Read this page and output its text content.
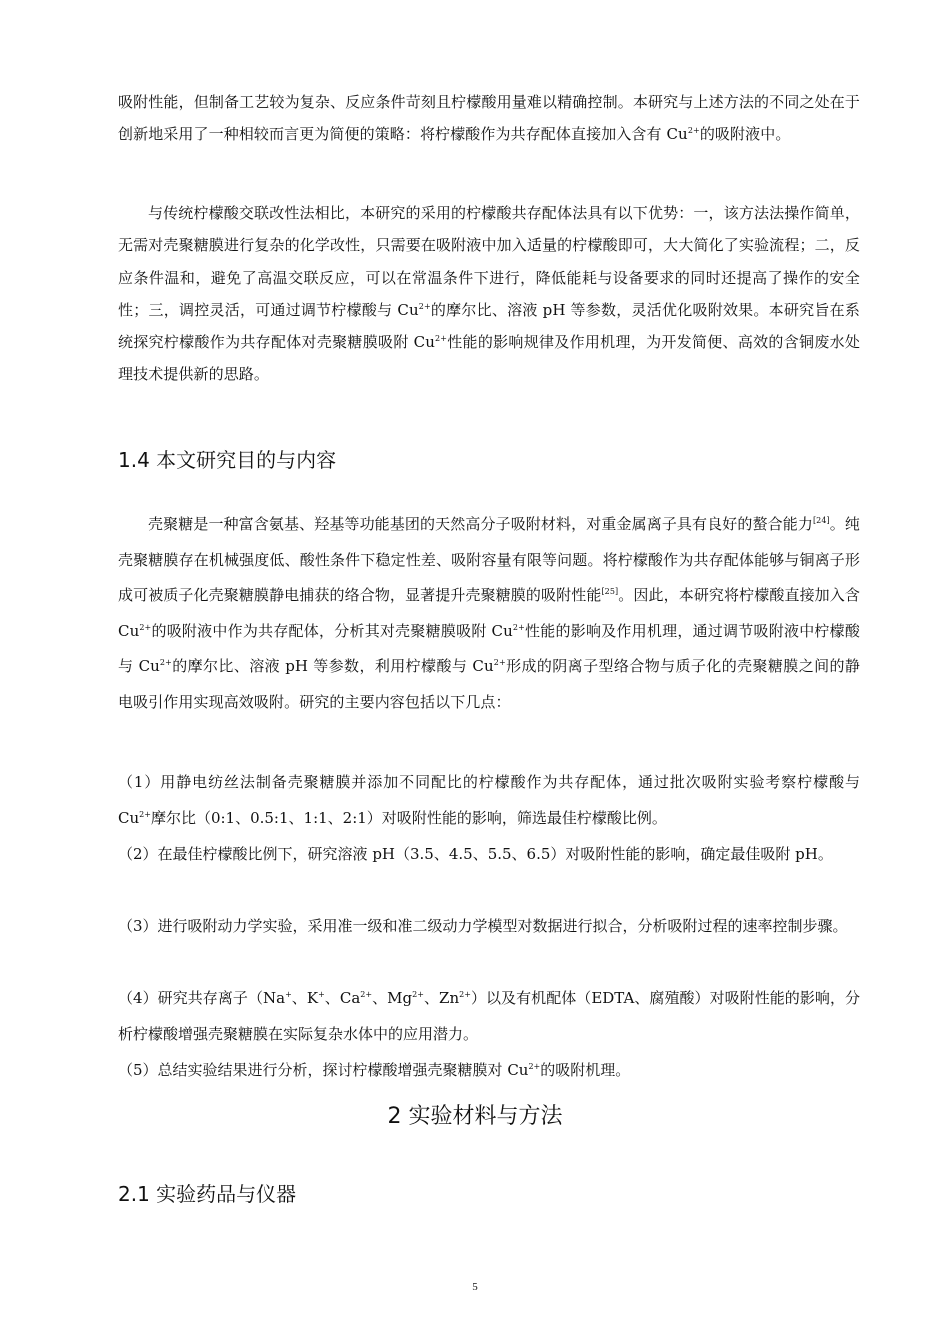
吸附性能，但制备工艺较为复杂、反应条件苛刻且柠檬酸用量难以精确控制。本研究与上述方法的不同之处在于创新地采用了一种相较而言更为简便的策略：将柠檬酸作为共存配体直接加入含有 $Cu^{2+}$的吸附液中。

与传统柠檬酸交联改性法相比，本研究的采用的柠檬酸共存配体法具有以下优势：一，该方法法操作简单，无需对壳聚糖膜进行复杂的化学改性，只需要在吸附液中加入适量的柠檬酸即可，大大简化了实验流程；二，反应条件温和，避免了高温交联反应，可以在常温条件下进行，降低能耗与设备要求的同时还提高了操作的安全性；三，调控灵活，可通过调节柠檬酸与 $Cu^{2+}$的摩尔比、溶液 pH 等参数，灵活优化吸附效果。本研究旨在系统探究柠檬酸作为共存配体对壳聚糖膜吸附 $Cu^{2+}$性能的影响规律及作用机理，为开发简便、高效的含铜废水处理技术提供新的思路。

1.4 本文研究目的与内容

壳聚糖是一种富含氨基、羟基等功能基团的天然高分子吸附材料，对重金属离子具有良好的螯合能力[24]。纯壳聚糖膜存在机械强度低、酸性条件下稳定性差、吸附容量有限等问题。将柠檬酸作为共存配体能够与铜离子形成可被质子化壳聚糖膜静电捕获的络合物，显著提升壳聚糖膜的吸附性能[25]。因此，本研究将柠檬酸直接加入含 $Cu^{2+}$的吸附液中作为共存配体，分析其对壳聚糖膜吸附 $Cu^{2+}$性能的影响及作用机理，通过调节吸附液中柠檬酸与 $Cu^{2+}$的摩尔比、溶液 pH 等参数，利用柠檬酸与 $Cu^{2+}$形成的阴离子型络合物与质子化的壳聚糖膜之间的静电吸引作用实现高效吸附。研究的主要内容包括以下几点：

（1）用静电纺丝法制备壳聚糖膜并添加不同配比的柠檬酸作为共存配体，通过批次吸附实验考察柠檬酸与 $Cu^{2+}$摩尔比（0:1、0.5:1、1:1、2:1）对吸附性能的影响，筛选最佳柠檬酸比例。

（2）在最佳柠檬酸比例下，研究溶液 pH（3.5、4.5、5.5、6.5）对吸附性能的影响，确定最佳吸附 pH。

（3）进行吸附动力学实验，采用准一级和准二级动力学模型对数据进行拟合，分析吸附过程的速率控制步骤。

（4）研究共存离子（Na+、K+、$Ca^{2+}$、$Mg^{2+}$、$Zn^{2+}$）以及有机配体（EDTA、腐殖酸）对吸附性能的影响，分析柠檬酸增强壳聚糖膜在实际复杂水体中的应用潜力。

（5）总结实验结果进行分析，探讨柠檬酸增强壳聚糖膜对 $Cu^{2+}$的吸附机理。

2 实验材料与方法
2.1 实验药品与仪器
5
